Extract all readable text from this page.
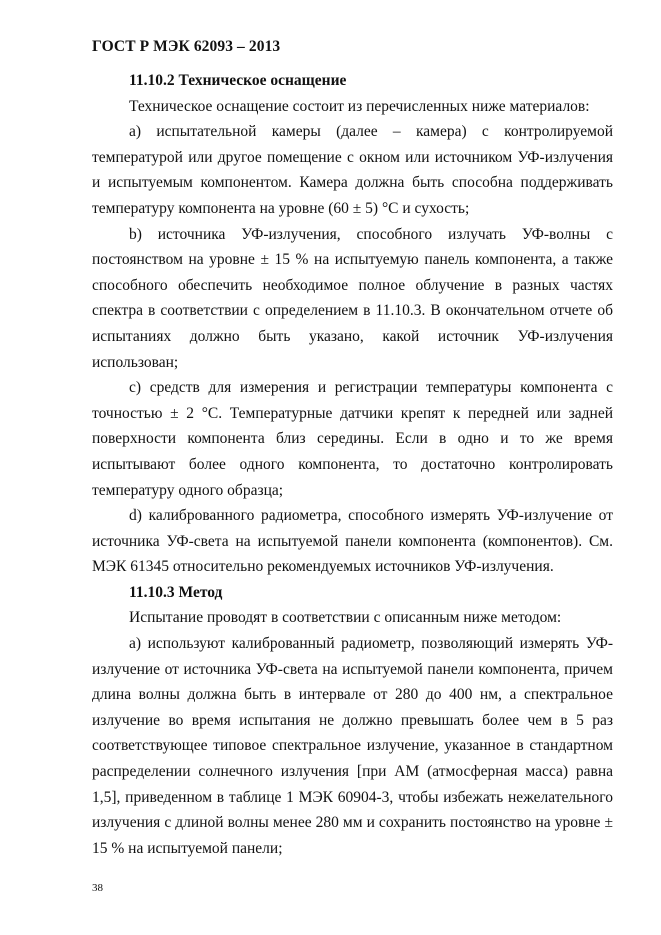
ГОСТ Р МЭК 62093 – 2013

11.10.2 Техническое оснащение

Техническое оснащение состоит из перечисленных ниже материалов:

а) испытательной камеры (далее – камера) с контролируемой температурой или другое помещение с окном или источником УФ-излучения и испытуемым компонентом. Камера должна быть способна поддерживать температуру компонента на уровне (60 ± 5) °С и сухость;

b) источника УФ-излучения, способного излучать УФ-волны с постоянством на уровне ± 15 % на испытуемую панель компонента, а также способного обеспечить необходимое полное облучение в разных частях спектра в соответствии с определением в 11.10.3. В окончательном отчете об испытаниях должно быть указано, какой источник УФ-излучения использован;

с) средств для измерения и регистрации температуры компонента с точностью ± 2 °С. Температурные датчики крепят к передней или задней поверхности компонента близ середины. Если в одно и то же время испытывают более одного компонента, то достаточно контролировать температуру одного образца;

d) калиброванного радиометра, способного измерять УФ-излучение от источника УФ-света на испытуемой панели компонента (компонентов). См. МЭК 61345 относительно рекомендуемых источников УФ-излучения.

11.10.3 Метод

Испытание проводят в соответствии с описанным ниже методом:

а) используют калиброванный радиометр, позволяющий измерять УФ-излучение от источника УФ-света на испытуемой панели компонента, причем длина волны должна быть в интервале от 280 до 400 нм, а спектральное излучение во время испытания не должно превышать более чем в 5 раз соответствующее типовое спектральное излучение, указанное в стандартном распределении солнечного излучения [при АМ (атмосферная масса) равна 1,5], приведенном в таблице 1 МЭК 60904-3, чтобы избежать нежелательного излучения с длиной волны менее 280 мм и сохранить постоянство на уровне ± 15 % на испытуемой панели;

38
